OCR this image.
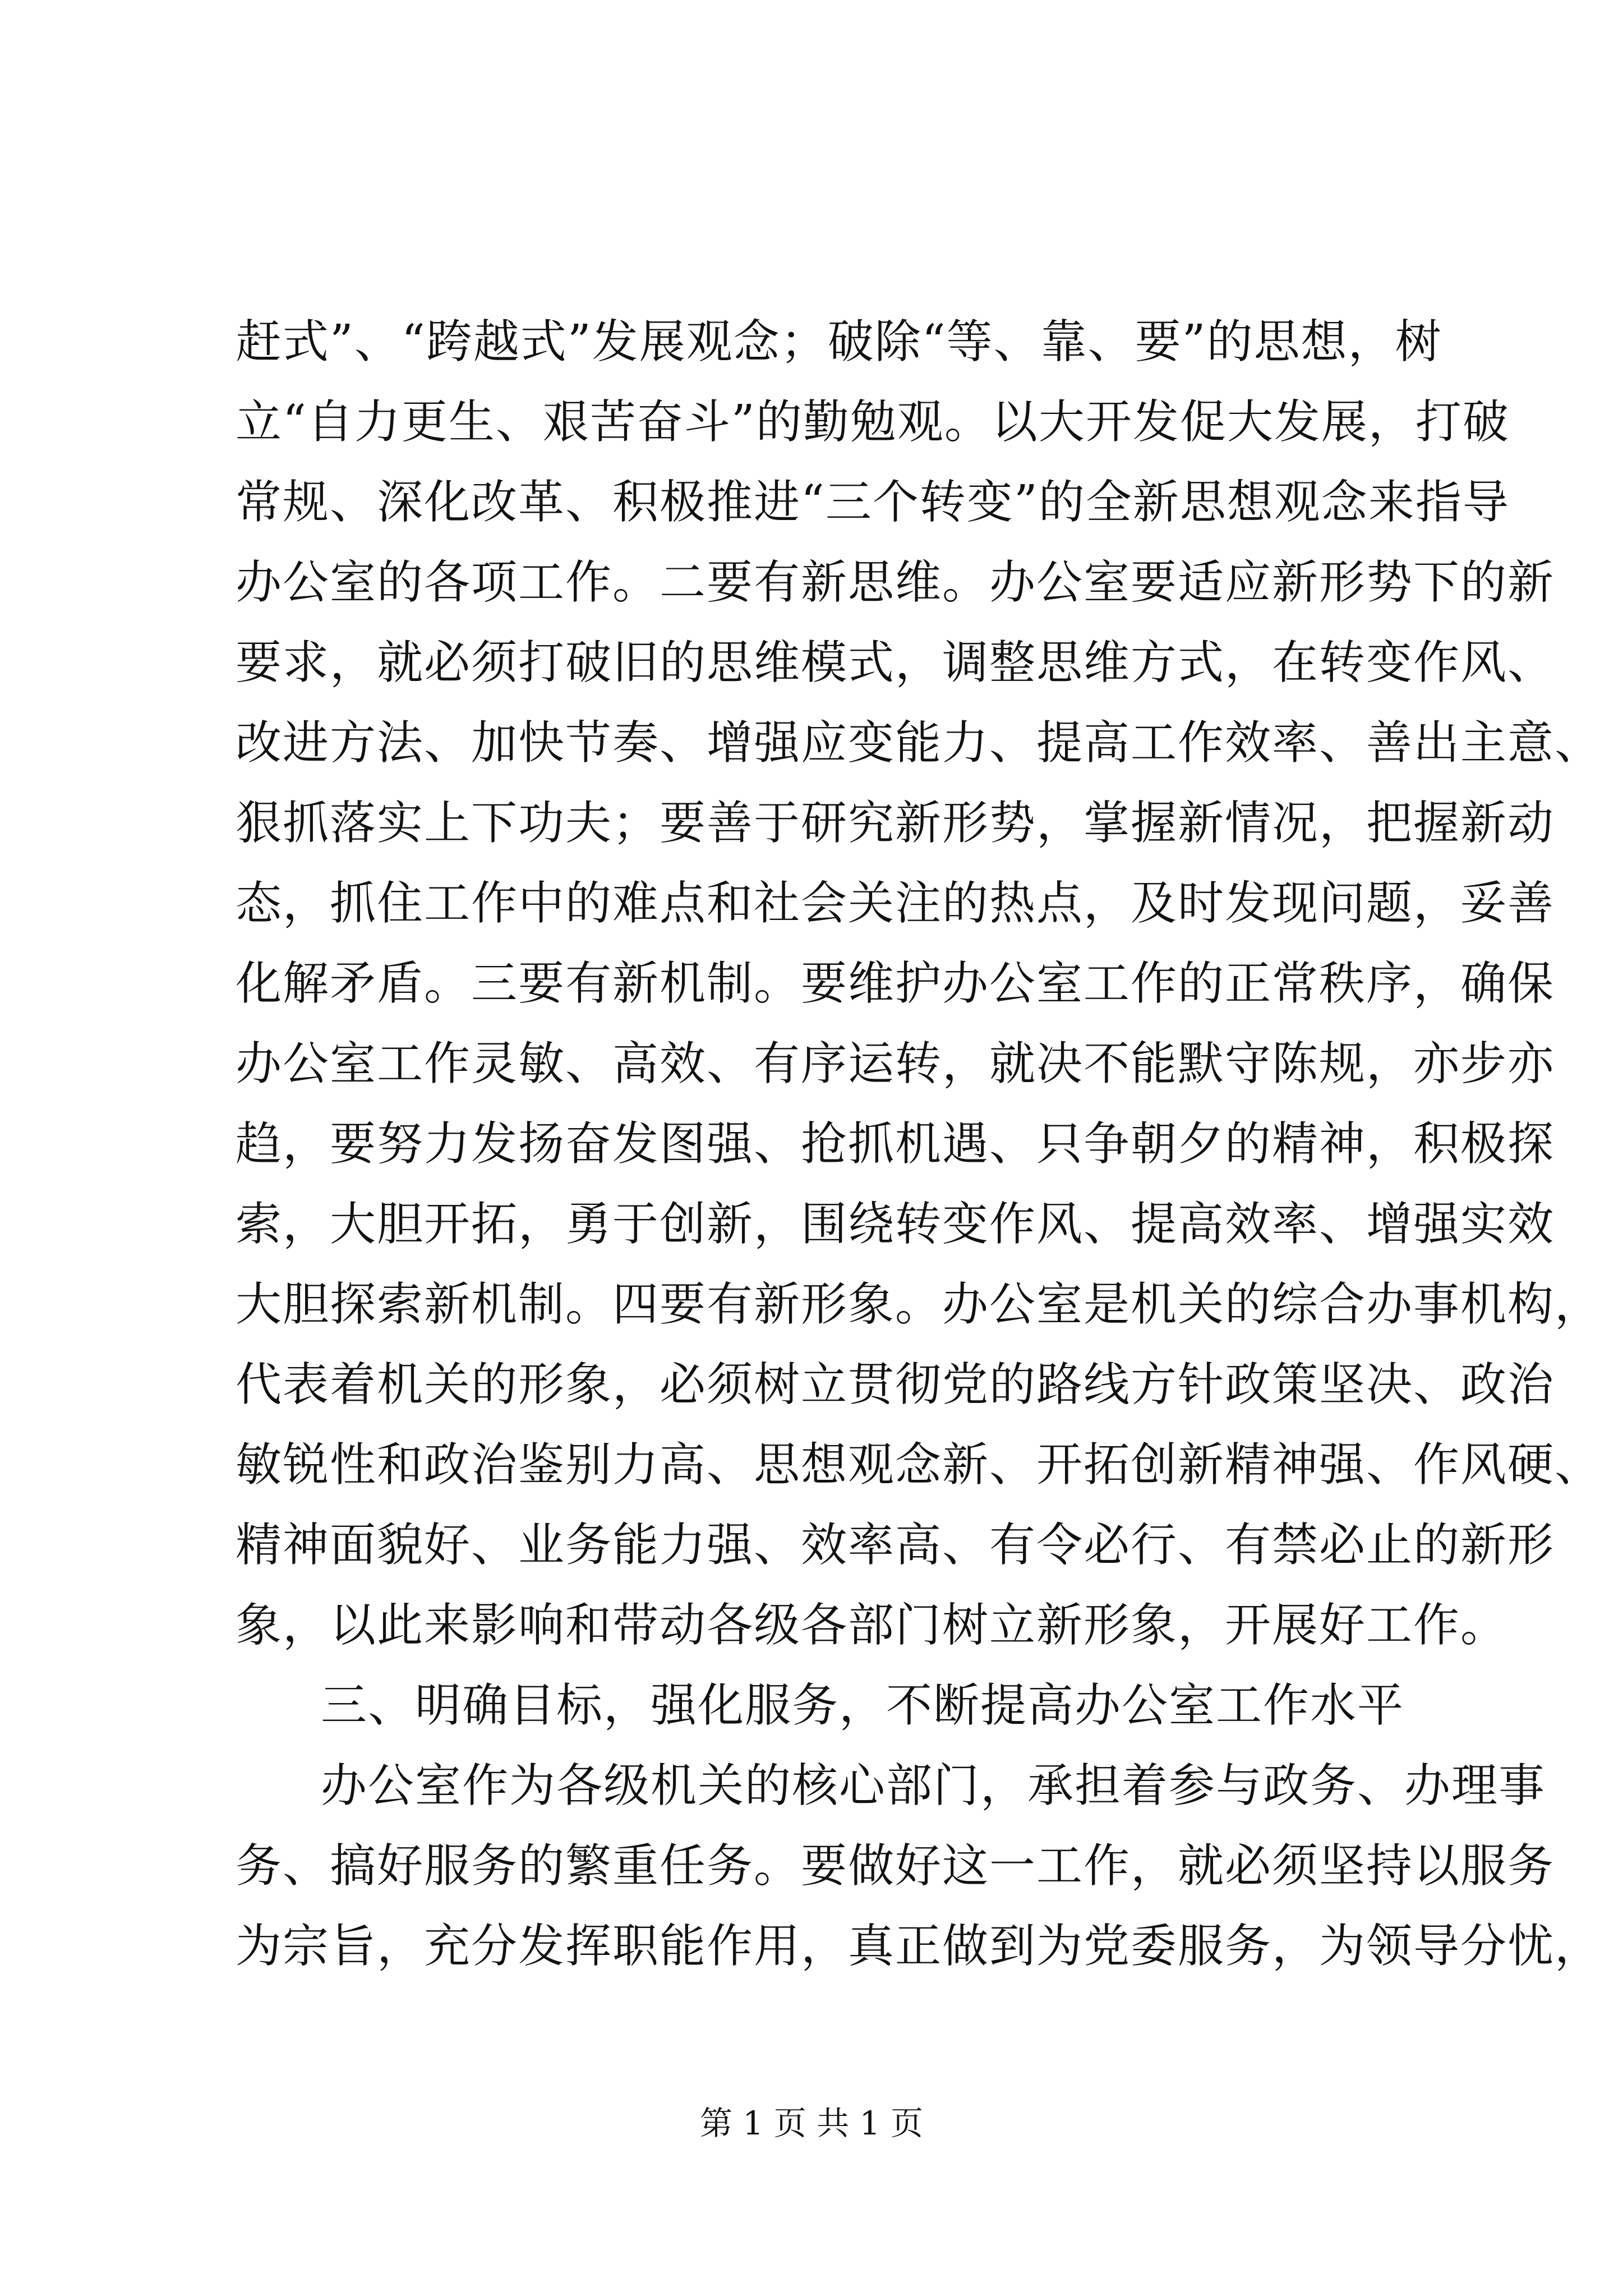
赶式”、“跨越式”发展观念；破除“等、靠、要”的思想，树
立“自力更生、艰苦奋斗”的勤勉观。以大开发促大发展，打破
常规、深化改革、积极推进“三个转变”的全新思想观念来指导
办公室的各项工作。二要有新思维。办公室要适应新形势下的新
要求，就必须打破旧的思维模式，调整思维方式，在转变作风、
改进方法、加快节奏、增强应变能力、提高工作效率、善出主意、
狠抓落实上下功夫；要善于研究新形势，掌握新情况，把握新动
态，抓住工作中的难点和社会关注的热点，及时发现问题，妥善
化解矛盾。三要有新机制。要维护办公室工作的正常秩序，确保
办公室工作灵敏、高效、有序运转，就决不能默守陈规，亦步亦
趋，要努力发扬奋发图强、抢抓机遇、只争朝夕的精神，积极探
索，大胆开拓，勇于创新，围绕转变作风、提高效率、增强实效
大胆探索新机制。四要有新形象。办公室是机关的综合办事机构，
代表着机关的形象，必须树立贯彻党的路线方针政策坚决、政治
敏锐性和政治鉴别力高、思想观念新、开拓创新精神强、作风硬、
精神面貌好、业务能力强、效率高、有令必行、有禁必止的新形
象，以此来影响和带动各级各部门树立新形象，开展好工作。
三、明确目标，强化服务，不断提高办公室工作水平
办公室作为各级机关的核心部门，承担着参与政务、办理事
务、搞好服务的繁重任务。要做好这一工作，就必须坚持以服务
为宗旨，充分发挥职能作用，真正做到为党委服务，为领导分忧，
第 1 页 共 1 页
